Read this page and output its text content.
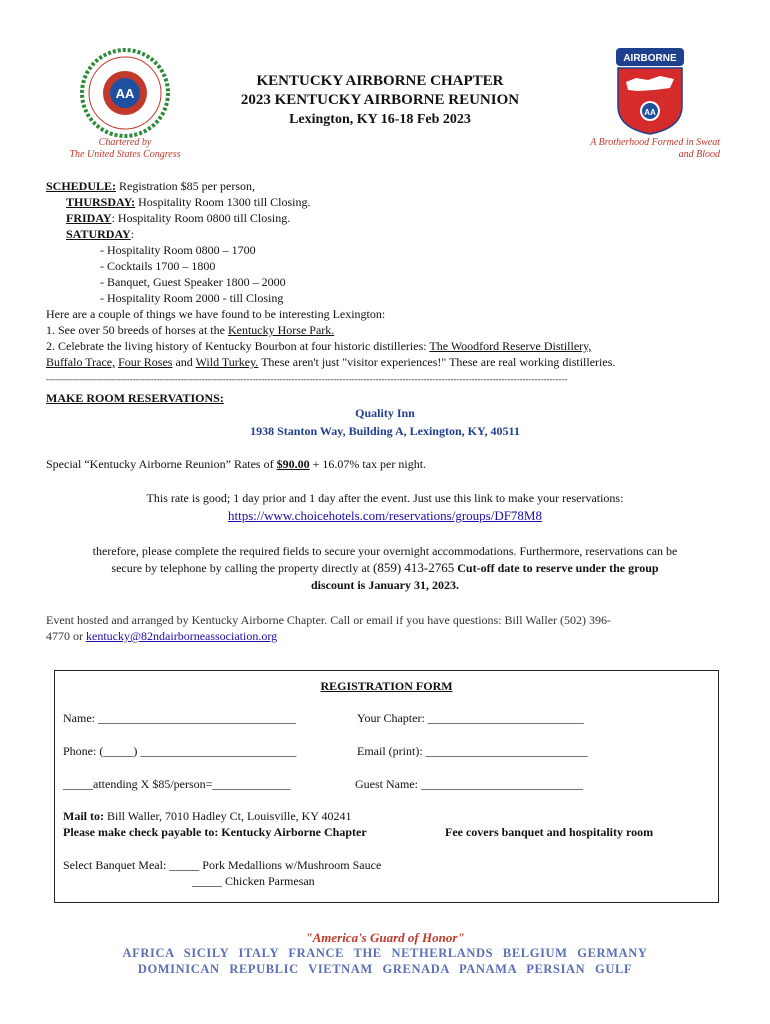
AA
AIRBORNE
AA
Chartered by
The United States Congress
A Brotherhood Formed in Sweat
and Blood
KENTUCKY AIRBORNE CHAPTER
2023 KENTUCKY AIRBORNE REUNION
Lexington, KY 16-18 Feb 2023
SCHEDULE: Registration $85 per person,
THURSDAY: Hospitality Room 1300 till Closing.
FRIDAY: Hospitality Room 0800 till Closing.
SATURDAY:
- Hospitality Room 0800 – 1700
- Cocktails 1700 – 1800
- Banquet, Guest Speaker 1800 – 2000
- Hospitality Room 2000 - till Closing
Here are a couple of things we have found to be interesting Lexington:
1. See over 50 breeds of horses at the Kentucky Horse Park.
2. Celebrate the living history of Kentucky Bourbon at four historic distilleries: The Woodford Reserve Distillery,
Buffalo Trace, Four Roses and Wild Turkey. These aren't just "visitor experiences!" These are real working distilleries.
------------------------------------------------------------------------------------------------------------------------------------------------------------------------------
MAKE ROOM RESERVATIONS:
Quality Inn
1938 Stanton Way, Building A, Lexington, KY, 40511
Special “Kentucky Airborne Reunion” Rates of $90.00 + 16.07% tax per night.
This rate is good; 1 day prior and 1 day after the event. Just use this link to make your reservations:
https://www.choicehotels.com/reservations/groups/DF78M8
therefore, please complete the required fields to secure your overnight accommodations. Furthermore, reservations can be
secure by telephone by calling the property directly at (859) 413-2765 Cut-off date to reserve under the group
discount is January 31, 2023.
Event hosted and arranged by Kentucky Airborne Chapter. Call or email if you have questions: Bill Waller (502) 396-
4770 or kentucky@82ndairborneassociation.org
REGISTRATION FORM
Name: _________________________________	Your Chapter: __________________________
Phone: (_____) __________________________	Email (print): ___________________________
_____attending X $85/person=_____________	Guest Name: ___________________________
Mail to: Bill Waller, 7010 Hadley Ct, Louisville, KY 40241
Please make check payable to: Kentucky Airborne Chapter	Fee covers banquet and hospitality room
Select Banquet Meal: _____ Pork Medallions w/Mushroom Sauce
_____ Chicken Parmesan
"America's Guard of Honor"
AFRICA SICILY ITALY FRANCE THE NETHERLANDS BELGIUM GERMANY
DOMINICAN REPUBLIC VIETNAM GRENADA PANAMA PERSIAN GULF
